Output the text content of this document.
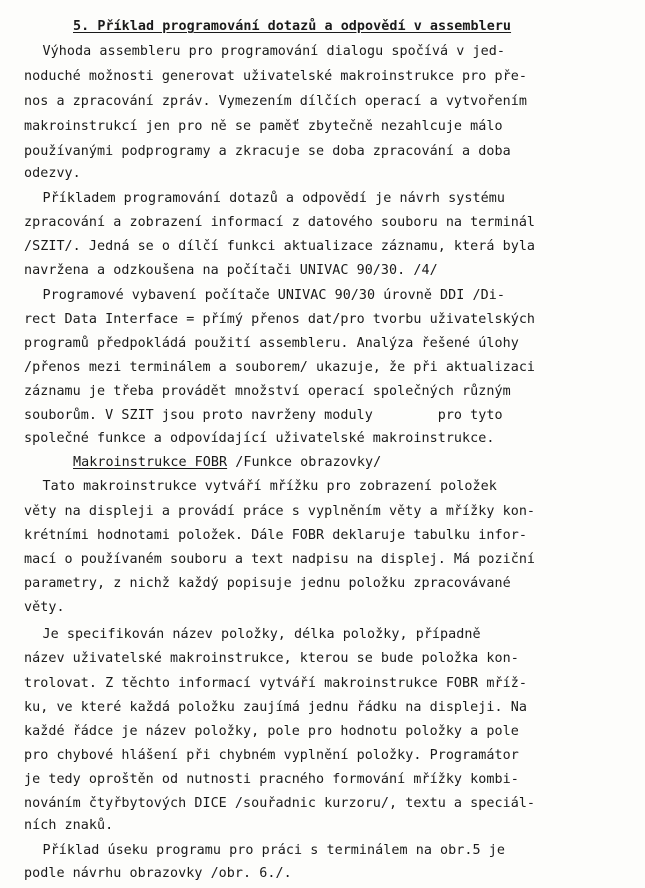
5. Příklad programování dotazů a odpovědí v assembleru
Výhoda assembleru pro programování dialogu spočívá v jed-
noduché možnosti generovat uživatelské makroinstrukce pro pře-
nos a zpracování zpráv. Vymezením dílčích operací a vytvořením
makroinstrukcí jen pro ně se paměť zbytečně nezahlcuje málo
používanými podprogramy a zkracuje se doba zpracování a doba
odezvy.
Příkladem programování dotazů a odpovědí je návrh systému
zpracování a zobrazení informací z datového souboru na terminál
/SZIT/. Jedná se o dílčí funkci aktualizace záznamu, která byla
navržena a odzkoušena na počítači UNIVAC 90/30. /4/
Programové vybavení počítače UNIVAC 90/30 úrovně DDI /Di-
rect Data Interface = přímý přenos dat/pro tvorbu uživatelských
programů předpokládá použití assembleru. Analýza řešené úlohy
/přenos mezi terminálem a souborem/ ukazuje, že při aktualizaci
záznamu je třeba provádět množství operací společných různým
souborům. V SZIT jsou proto navrženy moduly        pro tyto
společné funkce a odpovídající uživatelské makroinstrukce.
Makroinstrukce FOBR /Funkce obrazovky/
Tato makroinstrukce vytváří mřížku pro zobrazení položek
věty na displeji a provádí práce s vyplněním věty a mřížky kon-
krétními hodnotami položek. Dále FOBR deklaruje tabulku infor-
mací o používaném souboru a text nadpisu na displej. Má poziční
parametry, z nichž každý popisuje jednu položku zpracovávané
věty.
Je specifikován název položky, délka položky, případně
název uživatelské makroinstrukce, kterou se bude položka kon-
trolovat. Z těchto informací vytváří makroinstrukce FOBR mříž-
ku, ve které každá položku zaujímá jednu řádku na displeji. Na
každé řádce je název položky, pole pro hodnotu položky a pole
pro chybové hlášení při chybném vyplnění položky. Programátor
je tedy oproštěn od nutnosti pracného formování mřížky kombi-
nováním čtyřbytových DICE /souřadnic kurzoru/, textu a speciál-
ních znaků.
Příklad úseku programu pro práci s terminálem na obr.5 je
podle návrhu obrazovky /obr. 6./.
